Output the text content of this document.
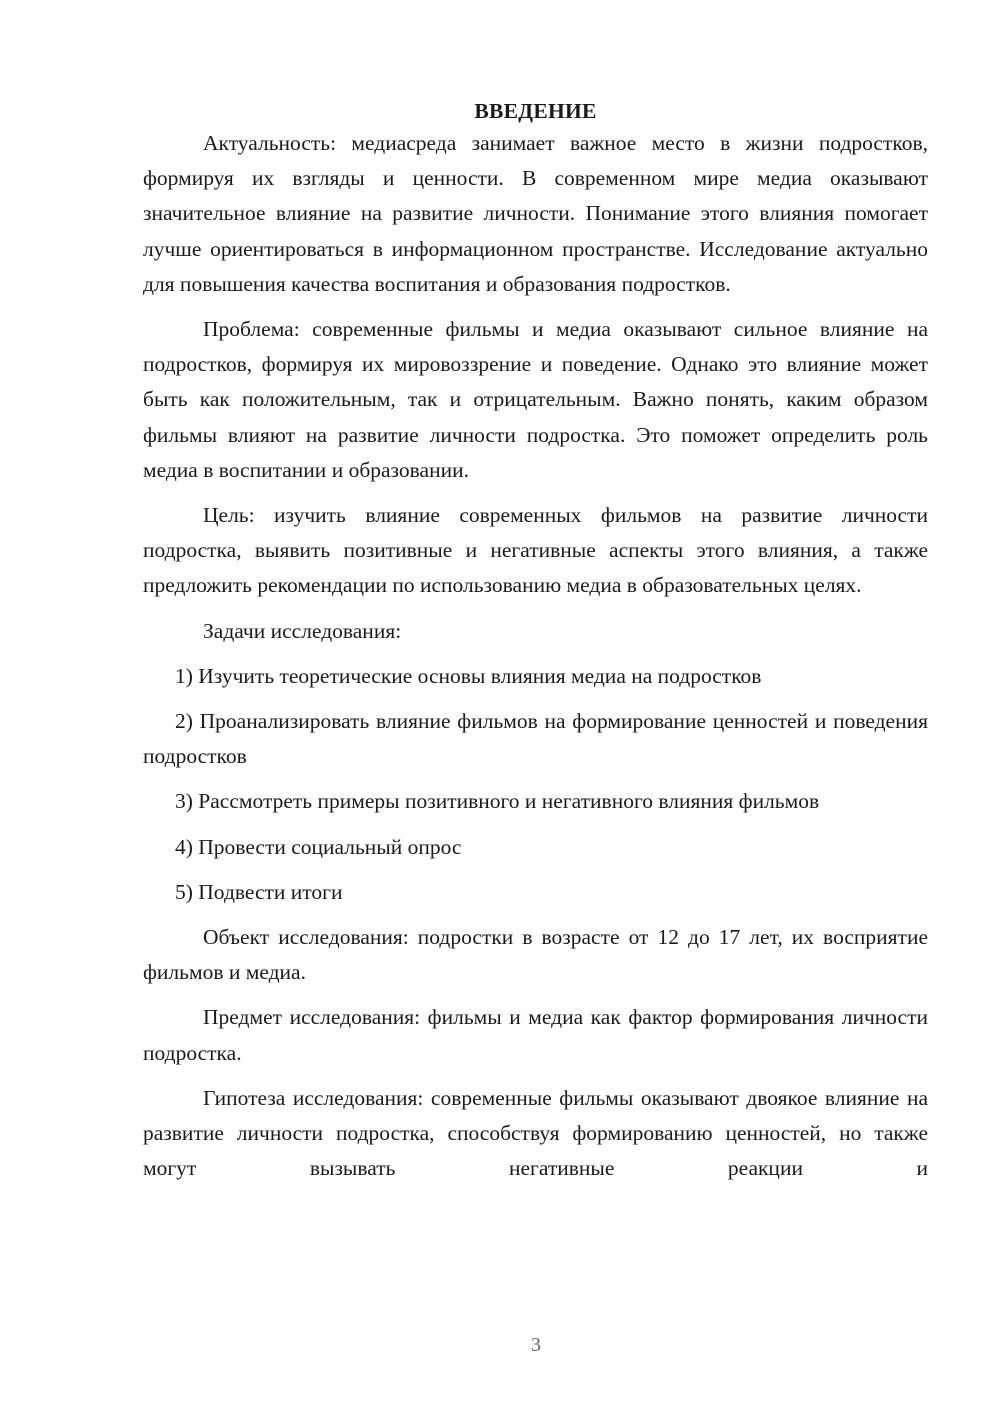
ВВЕДЕНИЕ

Актуальность: медиасреда занимает важное место в жизни подростков, формируя их взгляды и ценности. В современном мире медиа оказывают значительное влияние на развитие личности. Понимание этого влияния помогает лучше ориентироваться в информационном пространстве. Исследование актуально для повышения качества воспитания и образования подростков.

Проблема: современные фильмы и медиа оказывают сильное влияние на подростков, формируя их мировоззрение и поведение. Однако это влияние может быть как положительным, так и отрицательным. Важно понять, каким образом фильмы влияют на развитие личности подростка. Это поможет определить роль медиа в воспитании и образовании.

Цель: изучить влияние современных фильмов на развитие личности подростка, выявить позитивные и негативные аспекты этого влияния, а также предложить рекомендации по использованию медиа в образовательных целях.

Задачи исследования:

1) Изучить теоретические основы влияния медиа на подростков

2) Проанализировать влияние фильмов на формирование ценностей и поведения подростков

3) Рассмотреть примеры позитивного и негативного влияния фильмов

4) Провести социальный опрос

5) Подвести итоги

Объект исследования: подростки в возрасте от 12 до 17 лет, их восприятие фильмов и медиа.

Предмет исследования: фильмы и медиа как фактор формирования личности подростка.

Гипотеза исследования: современные фильмы оказывают двоякое влияние на развитие личности подростка, способствуя формированию ценностей, но также могут вызывать негативные реакции и

3
